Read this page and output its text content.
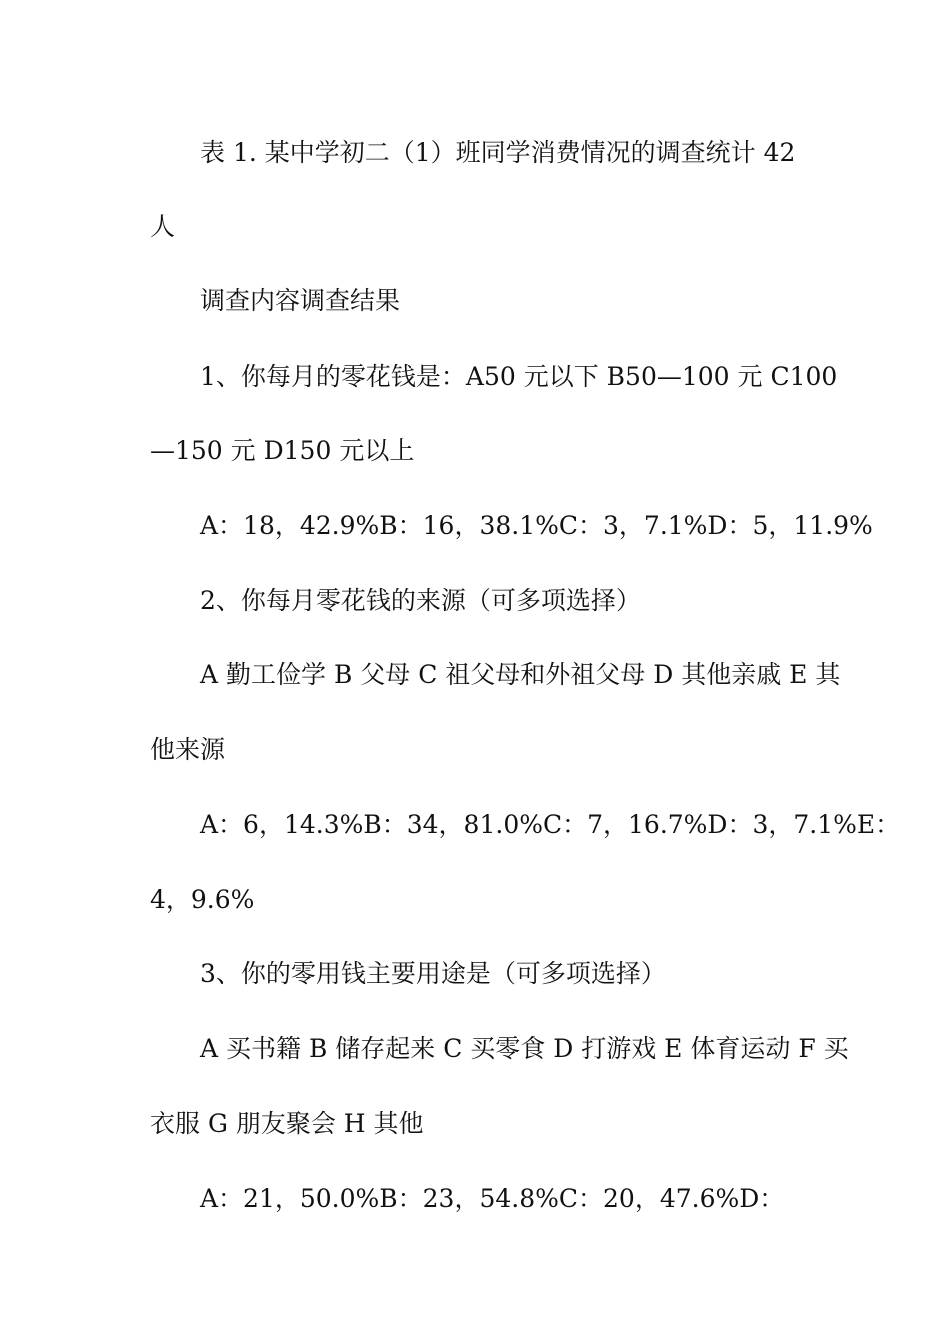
表 1. 某中学初二（1）班同学消费情况的调查统计 42
人
调查内容调查结果
1、你每月的零花钱是：A50 元以下 B50—100 元 C100
—150 元 D150 元以上
A：18，42.9%B：16，38.1%C：3，7.1%D：5，11.9%
2、你每月零花钱的来源（可多项选择）
A 勤工俭学 B 父母 C 祖父母和外祖父母 D 其他亲戚 E 其
他来源
A：6，14.3%B：34，81.0%C：7，16.7%D：3，7.1%E：
4，9.6%
3、你的零用钱主要用途是（可多项选择）
A 买书籍 B 储存起来 C 买零食 D 打游戏 E 体育运动 F 买
衣服 G 朋友聚会 H 其他
A：21，50.0%B：23，54.8%C：20，47.6%D：
